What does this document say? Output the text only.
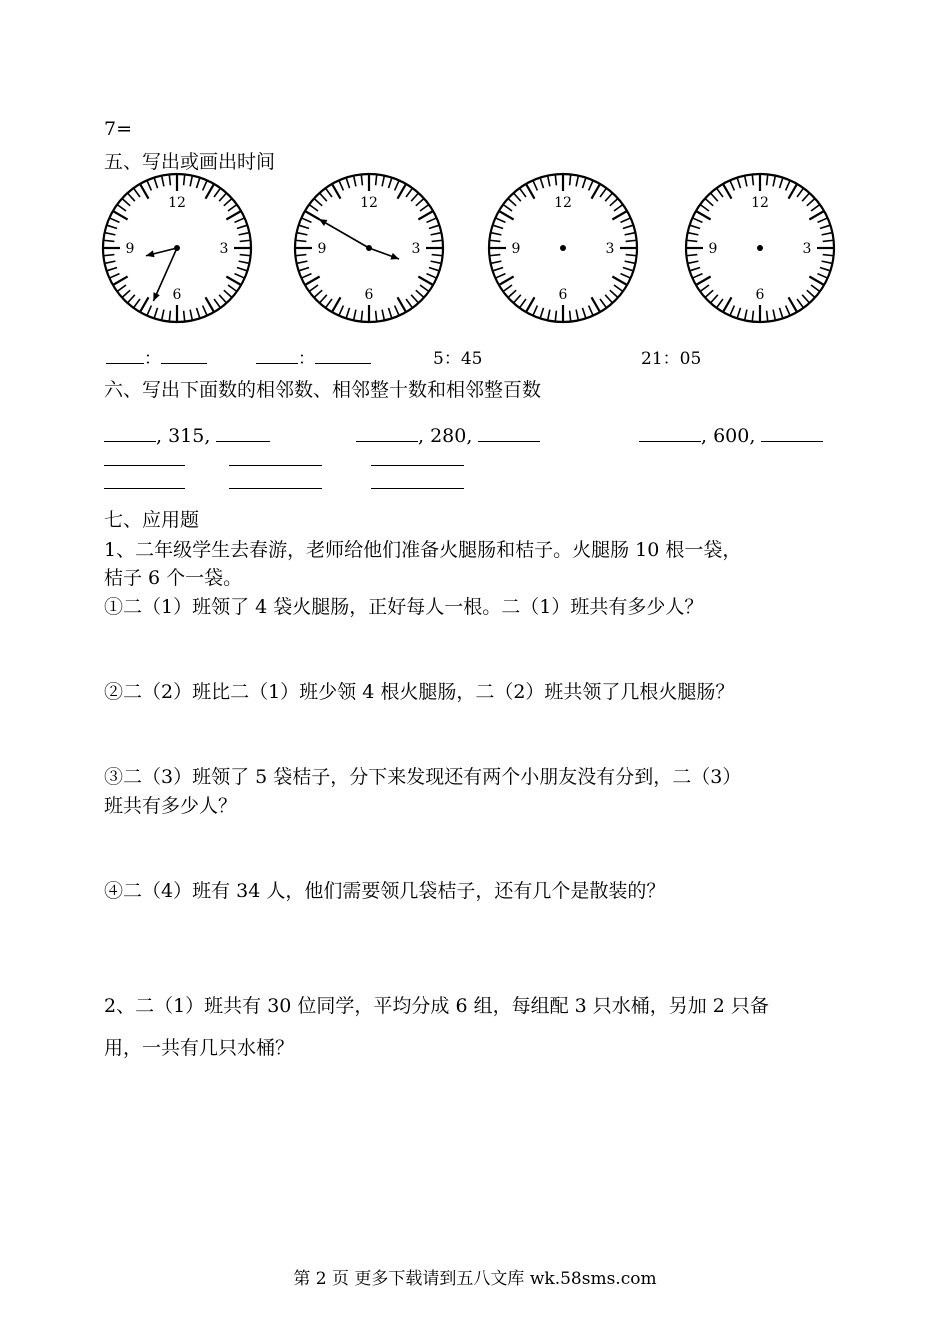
7=
五、写出或画出时间
12
3
6
9
12
3
6
9
12
3
6
9
12
3
6
9
：	：	5：45	21：05
六、写出下面数的相邻数、相邻整十数和相邻整百数
, 315,	, 280,	, 600,
七、应用题
1、二年级学生去春游，老师给他们准备火腿肠和桔子。火腿肠 10 根一袋，
桔子 6 个一袋。
①二（1）班领了 4 袋火腿肠，正好每人一根。二（1）班共有多少人？
②二（2）班比二（1）班少领 4 根火腿肠，二（2）班共领了几根火腿肠？
③二（3）班领了 5 袋桔子，分下来发现还有两个小朋友没有分到，二（3）
班共有多少人？
④二（4）班有 34 人，他们需要领几袋桔子，还有几个是散装的？
2、二（1）班共有 30 位同学，平均分成 6 组，每组配 3 只水桶，另加 2 只备
用，一共有几只水桶？
第 2 页 更多下载请到五八文库 wk.58sms.com
